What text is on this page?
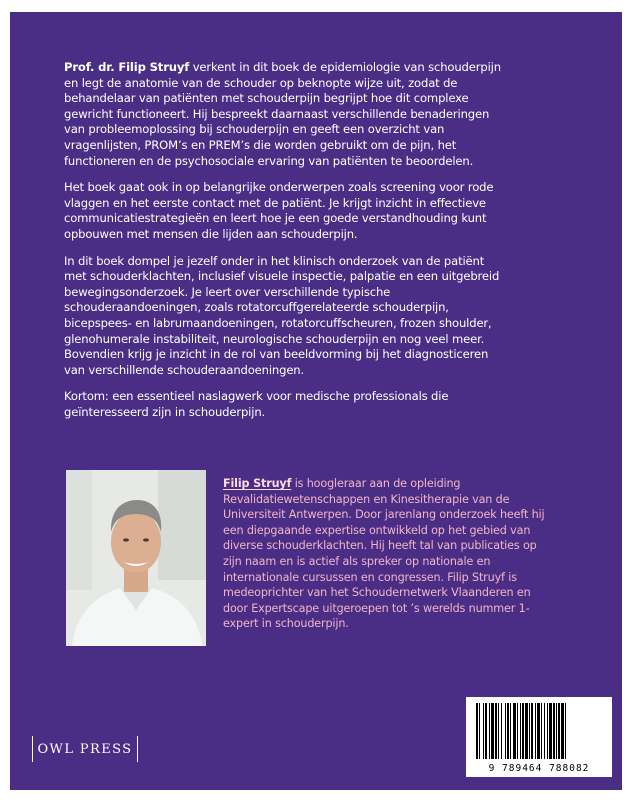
Prof. dr. Filip Struyf verkent in dit boek de epidemiologie van schouderpijn en legt de anatomie van de schouder op beknopte wijze uit, zodat de behandelaar van patiënten met schouderpijn begrijpt hoe dit complexe gewricht functioneert. Hij bespreekt daarnaast verschillende benaderingen van probleemoplossing bij schouderpijn en geeft een overzicht van vragenlijsten, PROM’s en PREM’s die worden gebruikt om de pijn, het functioneren en de psychosociale ervaring van patiënten te beoordelen.

Het boek gaat ook in op belangrijke onderwerpen zoals screening voor rode vlaggen en het eerste contact met de patiënt. Je krijgt inzicht in effectieve communicatiestrategieën en leert hoe je een goede verstandhouding kunt opbouwen met mensen die lijden aan schouderpijn.

In dit boek dompel je jezelf onder in het klinisch onderzoek van de patiënt met schouderklachten, inclusief visuele inspectie, palpatie en een uitgebreid bewegingsonderzoek. Je leert over verschillende typische schouderaandoeningen, zoals rotatorcuffgerelateerde schouderpijn, bicepspees- en labrumaandoeningen, rotatorcuffscheuren, frozen shoulder, glenohumerale instabiliteit, neurologische schouderpijn en nog veel meer. Bovendien krijg je inzicht in de rol van beeldvorming bij het diagnosticeren van verschillende schouderaandoeningen.

Kortom: een essentieel naslagwerk voor medische professionals die geïnteresseerd zijn in schouderpijn.

Filip Struyf is hoogleraar aan de opleiding Revalidatiewetenschappen en Kinesitherapie van de Universiteit Antwerpen. Door jarenlang onderzoek heeft hij een diepgaande expertise ontwikkeld op het gebied van diverse schouderklachten. Hij heeft tal van publicaties op zijn naam en is actief als spreker op nationale en internationale cursussen en congressen. Filip Struyf is medeoprichter van het Schoudernetwerk Vlaanderen en door Expertscape uitgeroepen tot ’s werelds nummer 1-expert in schouderpijn.

OWL PRESS
9 789464 788082
